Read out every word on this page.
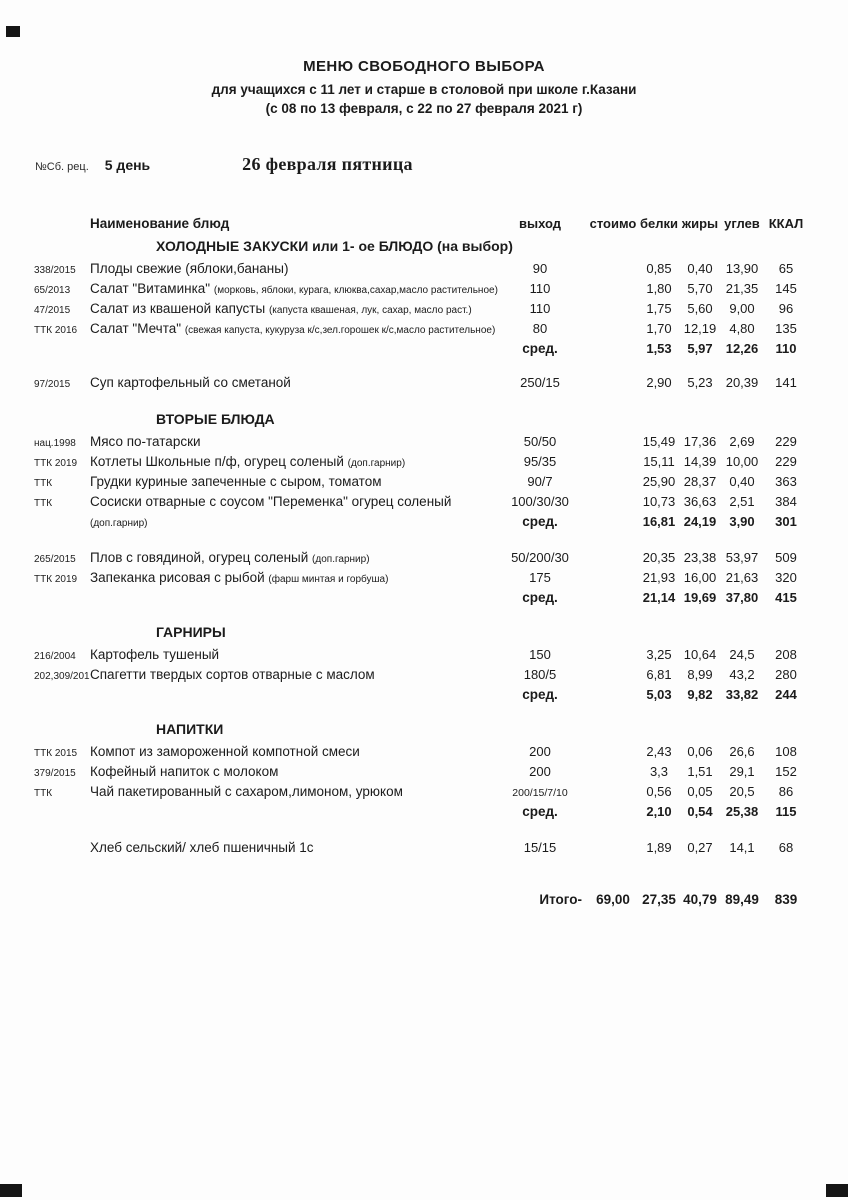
МЕНЮ СВОБОДНОГО ВЫБОРА
для учащихся с 11 лет и старше в столовой при школе г.Казани
(с 08 по 13 февраля, с 22 по 27 февраля 2021 г)
№Сб. рец. 5 день	26 февраля пятница
Наименование блюд	выход	стоимо белки жиры углев ККАЛ
ХОЛОДНЫЕ ЗАКУСКИ или 1- ое БЛЮДО (на выбор)
338/2015	Плоды свежие (яблоки,бананы)	90	0,85	0,40	13,90	65
65/2013	Салат "Витаминка" (морковь, яблоки, курага, клюква,сахар,масло растительное)	110	1,80	5,70	21,35	145
47/2015	Салат из квашеной капусты (капуста квашеная, лук, сахар, масло раст.)	110	1,75	5,60	9,00	96
ТТК 2016 Салат "Мечта" (свежая капуста, кукуруза к/с,зел.горошек к/с,масло растительное)	80	1,70 12,19	4,80	135
сред.	1,53	5,97	12,26	110
97/2015	Суп картофельный со сметаной	250/15	2,90	5,23	20,39	141
ВТОРЫЕ БЛЮДА
нац.1998	Мясо по-татарски	50/50	15,49 17,36	2,69	229
ТТК 2019 Котлеты Школьные п/ф, огурец соленый (доп.гарнир)	95/35	15,11 14,39 10,00	229
ТТК	Грудки куриные запеченные с сыром, томатом	90/7	25,90 28,37	0,40	363
ТТК	Сосиски отварные с соусом "Переменка" огурец соленый	100/30/30	10,73 36,63	2,51	384
(доп.гарнир)	сред.	16,81 24,19	3,90	301
265/2015	Плов с говядиной, огурец соленый (доп.гарнир)	50/200/30	20,35 23,38 53,97	509
ТТК 2019 Запеканка рисовая с рыбой (фарш минтая и горбуша)	175	21,93 16,00 21,63	320
сред.	21,14 19,69 37,80	415
ГАРНИРЫ
216/2004	Картофель тушеный	150	3,25 10,64	24,5	208
202,309/201 Спагетти твердых сортов отварные с маслом	180/5	6,81	8,99	43,2	280
сред.	5,03	9,82	33,82	244
НАПИТКИ
ТТК 2015 Компот из замороженной компотной смеси	200	2,43	0,06	26,6	108
379/2015	Кофейный напиток с молоком	200	3,3	1,51	29,1	152
ТТК	Чай пакетированный с сахаром,лимоном, урюком	200/15/7/10	0,56	0,05	20,5	86
сред.	2,10	0,54	25,38	115
Хлеб сельский/ хлеб пшеничный 1с	15/15	1,89	0,27	14,1	68
Итого-	69,00 27,35 40,79 89,49	839
